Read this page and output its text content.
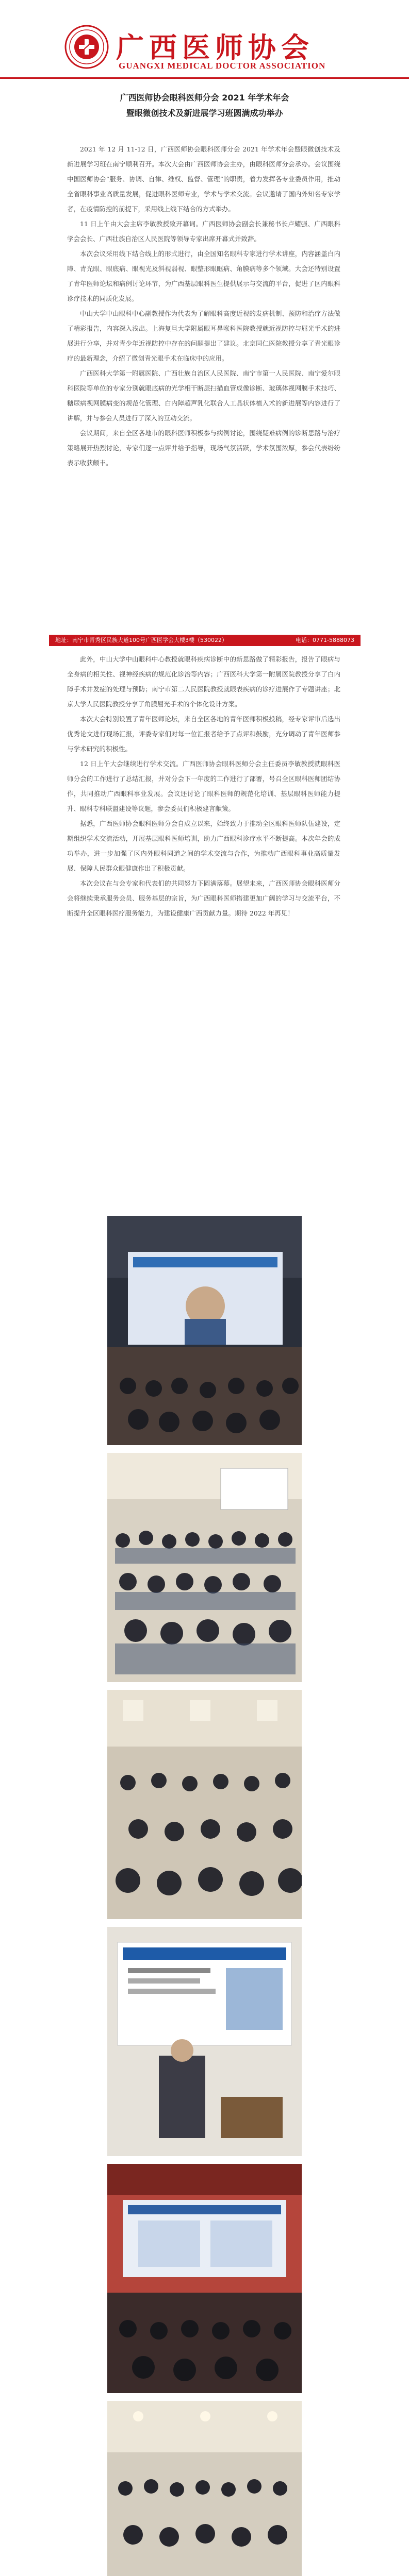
广西医师协会
GUANGXI MEDICAL DOCTOR ASSOCIATION
广西医师协会眼科医师分会 2021 年学术年会
暨眼微创技术及新进展学习班圆满成功举办

2021 年 12 月 11-12 日，广西医师协会眼科医师分会 2021 年学术年会暨眼微创技术及新进展学习班在南宁顺利召开。本次大会由广西医师协会主办，由眼科医师分会承办。会议围绕中国医师协会“服务、协调、自律、维权、监督、管理”的职责，着力发挥各专业委员作用，推动全省眼科事业高质量发展，促进眼科医师专业，学术与学术交流。会议邀请了国内外知名专家学者，在疫情防控的前提下，采用线上线下结合的方式举办。

11 日上午由大会主席李敏教授致开幕词。广西医师协会副会长兼秘书长卢耀强、广西眼科学会会长、广西壮族自治区人民医院等领导专家出席开幕式并致辞。

本次会议采用线下结合线上的形式进行，由全国知名眼科专家进行学术讲座，内容涵盖白内障、青光眼、眼底病、眼视光及斜视弱视、眼整形眼眶病、角膜病等多个领域。大会还特别设置了青年医师论坛和病例讨论环节，为广西基层眼科医生提供展示与交流的平台，促进了区内眼科诊疗技术的同质化发展。

中山大学中山眼科中心副教授作为代表为了解眼科高度近视的发病机制、预防和治疗方法做了精彩报告，内容深入浅出。上海复旦大学附属眼耳鼻喉科医院教授就近视防控与屈光手术的进展进行分享，并对青少年近视防控中存在的问题提出了建议。北京同仁医院教授分享了青光眼诊疗的最新理念，介绍了微创青光眼手术在临床中的应用。

广西医科大学第一附属医院、广西壮族自治区人民医院、南宁市第一人民医院、南宁爱尔眼科医院等单位的专家分别就眼底病的光学相干断层扫描血管成像诊断、玻璃体视网膜手术技巧、糖尿病视网膜病变的规范化管理、白内障超声乳化联合人工晶状体植入术的新进展等内容进行了讲解，并与参会人员进行了深入的互动交流。

会议期间，来自全区各地市的眼科医师积极参与病例讨论，围绕疑难病例的诊断思路与治疗策略展开热烈讨论，专家们逐一点评并给予指导，现场气氛活跃，学术氛围浓厚，参会代表纷纷表示收获颇丰。

地址：南宁市青秀区民族大道100号广西医学会大楼3楼（530022）	电话：0771-5888073

此外，中山大学中山眼科中心教授就眼科疾病诊断中的新思路做了精彩报告，报告了眼病与全身病的相关性、视神经疾病的规范化诊治等内容；广西医科大学第一附属医院教授分享了白内障手术并发症的处理与预防；南宁市第二人民医院教授就眼表疾病的诊疗进展作了专题讲座；北京大学人民医院教授分享了角膜屈光手术的个体化设计方案。

本次大会特别设置了青年医师论坛，来自全区各地的青年医师积极投稿，经专家评审后选出优秀论文进行现场汇报，评委专家们对每一位汇报者给予了点评和鼓励，充分调动了青年医师参与学术研究的积极性。

12 日上午大会继续进行学术交流。广西医师协会眼科医师分会主任委员李敏教授就眼科医师分会的工作进行了总结汇报，并对分会下一年度的工作进行了部署，号召全区眼科医师团结协作，共同推动广西眼科事业发展。会议还讨论了眼科医师的规范化培训、基层眼科医师能力提升、眼科专科联盟建设等议题，参会委员们积极建言献策。

据悉，广西医师协会眼科医师分会自成立以来，始终致力于推动全区眼科医师队伍建设，定期组织学术交流活动，开展基层眼科医师培训，助力广西眼科诊疗水平不断提高。本次年会的成功举办，进一步加强了区内外眼科同道之间的学术交流与合作，为推动广西眼科事业高质量发展、保障人民群众眼健康作出了积极贡献。

本次会议在与会专家和代表们的共同努力下圆满落幕。展望未来，广西医师协会眼科医师分会将继续秉承服务会员、服务基层的宗旨，为广西眼科医师搭建更加广阔的学习与交流平台，不断提升全区眼科医疗服务能力，为建设健康广西贡献力量。期待 2022 年再见！
